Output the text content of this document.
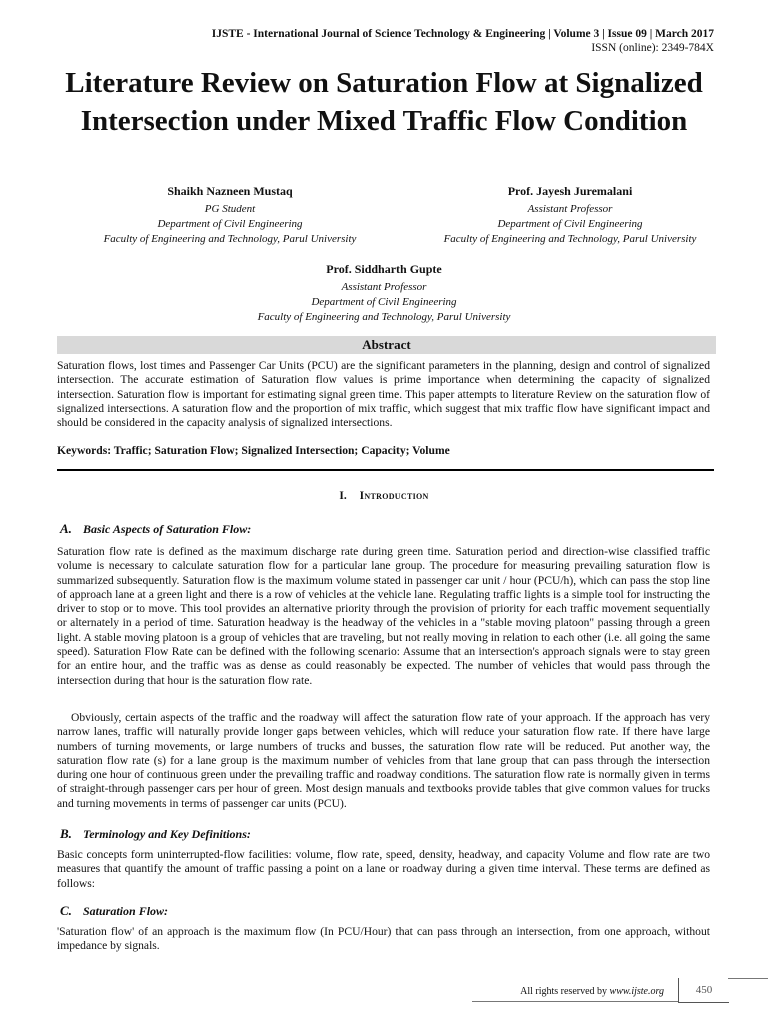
IJSTE - International Journal of Science Technology & Engineering | Volume 3 | Issue 09 | March 2017
ISSN (online): 2349-784X
Literature Review on Saturation Flow at Signalized Intersection under Mixed Traffic Flow Condition
Shaikh Nazneen Mustaq
PG Student
Department of Civil Engineering
Faculty of Engineering and Technology, Parul University
Prof. Jayesh Juremalani
Assistant Professor
Department of Civil Engineering
Faculty of Engineering and Technology, Parul University
Prof. Siddharth Gupte
Assistant Professor
Department of Civil Engineering
Faculty of Engineering and Technology, Parul University
Abstract
Saturation flows, lost times and Passenger Car Units (PCU) are the significant parameters in the planning, design and control of signalized intersection. The accurate estimation of Saturation flow values is prime importance when determining the capacity of signalized intersection. Saturation flow is important for estimating signal green time. This paper attempts to literature Review on the saturation flow of signalized intersections. A saturation flow and the proportion of mix traffic, which suggest that mix traffic flow have significant impact and should be considered in the capacity analysis of signalized intersections.
Keywords: Traffic; Saturation Flow; Signalized Intersection; Capacity; Volume
I. Introduction
A. Basic Aspects of Saturation Flow:
Saturation flow rate is defined as the maximum discharge rate during green time. Saturation period and direction-wise classified traffic volume is necessary to calculate saturation flow for a particular lane group. The procedure for measuring prevailing saturation flow is summarized subsequently. Saturation flow is the maximum volume stated in passenger car unit / hour (PCU/h), which can pass the stop line of approach lane at a green light and there is a row of vehicles at the vehicle lane. Regulating traffic lights is a simple tool for instructing the driver to stop or to move. This tool provides an alternative priority through the provision of priority for each traffic movement sequentially or alternately in a period of time. Saturation headway is the headway of the vehicles in a "stable moving platoon" passing through a green light. A stable moving platoon is a group of vehicles that are traveling, but not really moving in relation to each other (i.e. all going the same speed). Saturation Flow Rate can be defined with the following scenario: Assume that an intersection's approach signals were to stay green for an entire hour, and the traffic was as dense as could reasonably be expected. The number of vehicles that would pass through the intersection during that hour is the saturation flow rate.
Obviously, certain aspects of the traffic and the roadway will affect the saturation flow rate of your approach. If the approach has very narrow lanes, traffic will naturally provide longer gaps between vehicles, which will reduce your saturation flow rate. If there have large numbers of turning movements, or large numbers of trucks and busses, the saturation flow rate will be reduced. Put another way, the saturation flow rate (s) for a lane group is the maximum number of vehicles from that lane group that can pass through the intersection during one hour of continuous green under the prevailing traffic and roadway conditions. The saturation flow rate is normally given in terms of straight-through passenger cars per hour of green. Most design manuals and textbooks provide tables that give common values for trucks and turning movements in terms of passenger car units (PCU).
B. Terminology and Key Definitions:
Basic concepts form uninterrupted-flow facilities: volume, flow rate, speed, density, headway, and capacity Volume and flow rate are two measures that quantify the amount of traffic passing a point on a lane or roadway during a given time interval. These terms are defined as follows:
C. Saturation Flow:
'Saturation flow' of an approach is the maximum flow (In PCU/Hour) that can pass through an intersection, from one approach, without impedance by signals.
All rights reserved by www.ijste.org	450
